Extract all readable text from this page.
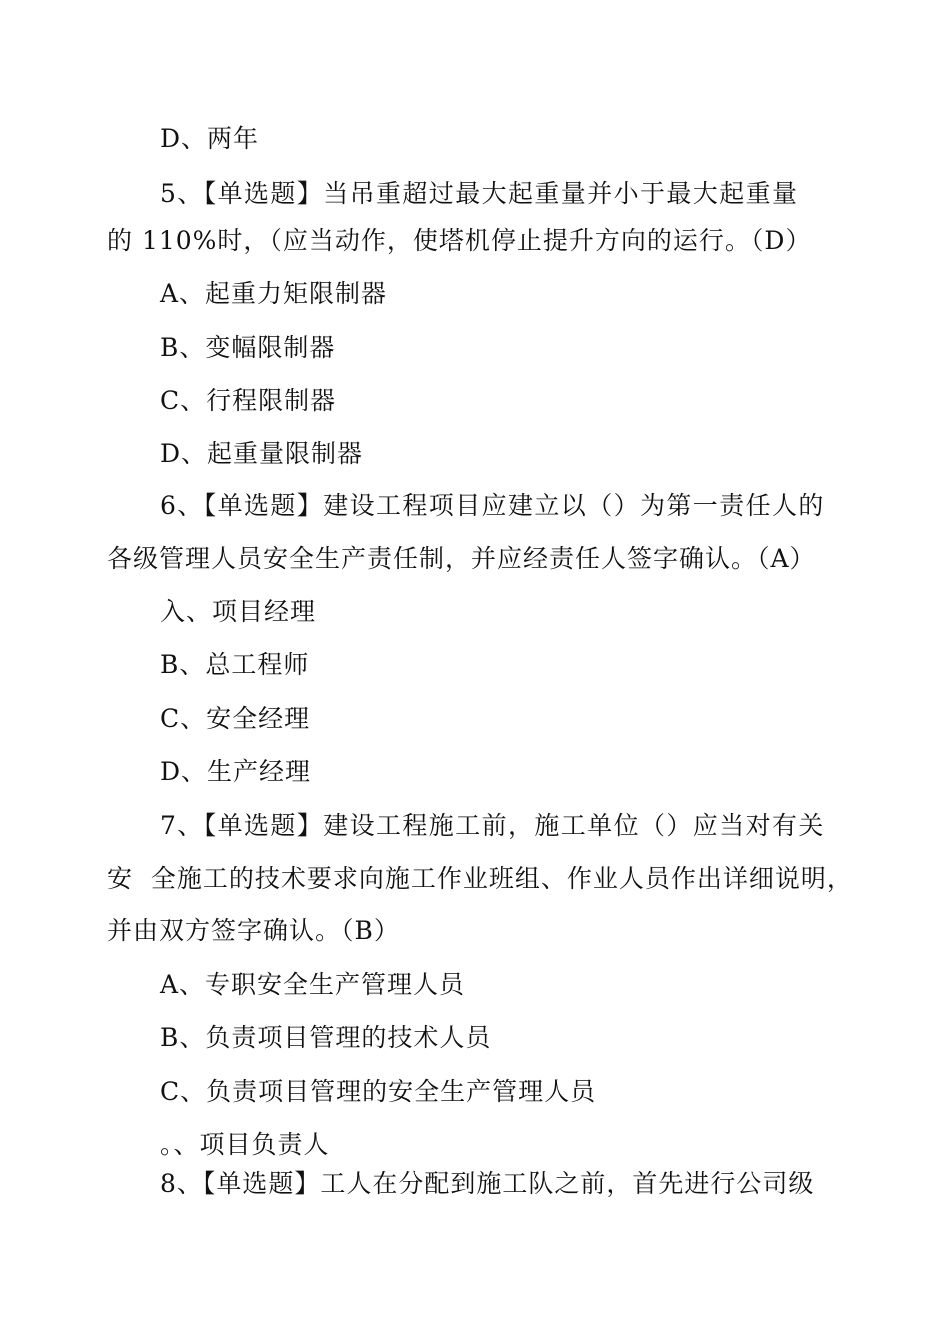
D、两年
5、【单选题】当吊重超过最大起重量并小于最大起重量
的 110%时，（应当动作，使塔机停止提升方向的运行。（D）
A、起重力矩限制器
B、变幅限制器
C、行程限制器
D、起重量限制器
6、【单选题】建设工程项目应建立以（）为第一责任人的
各级管理人员安全生产责任制，并应经责任人签字确认。（A）
入、项目经理
B、总工程师
C、安全经理
D、生产经理
7、【单选题】建设工程施工前，施工单位（）应当对有关
安  全施工的技术要求向施工作业班组、作业人员作出详细说明，
并由双方签字确认。（B）
A、专职安全生产管理人员
B、负责项目管理的技术人员
C、负责项目管理的安全生产管理人员
。、项目负责人
8、【单选题】工人在分配到施工队之前，首先进行公司级
